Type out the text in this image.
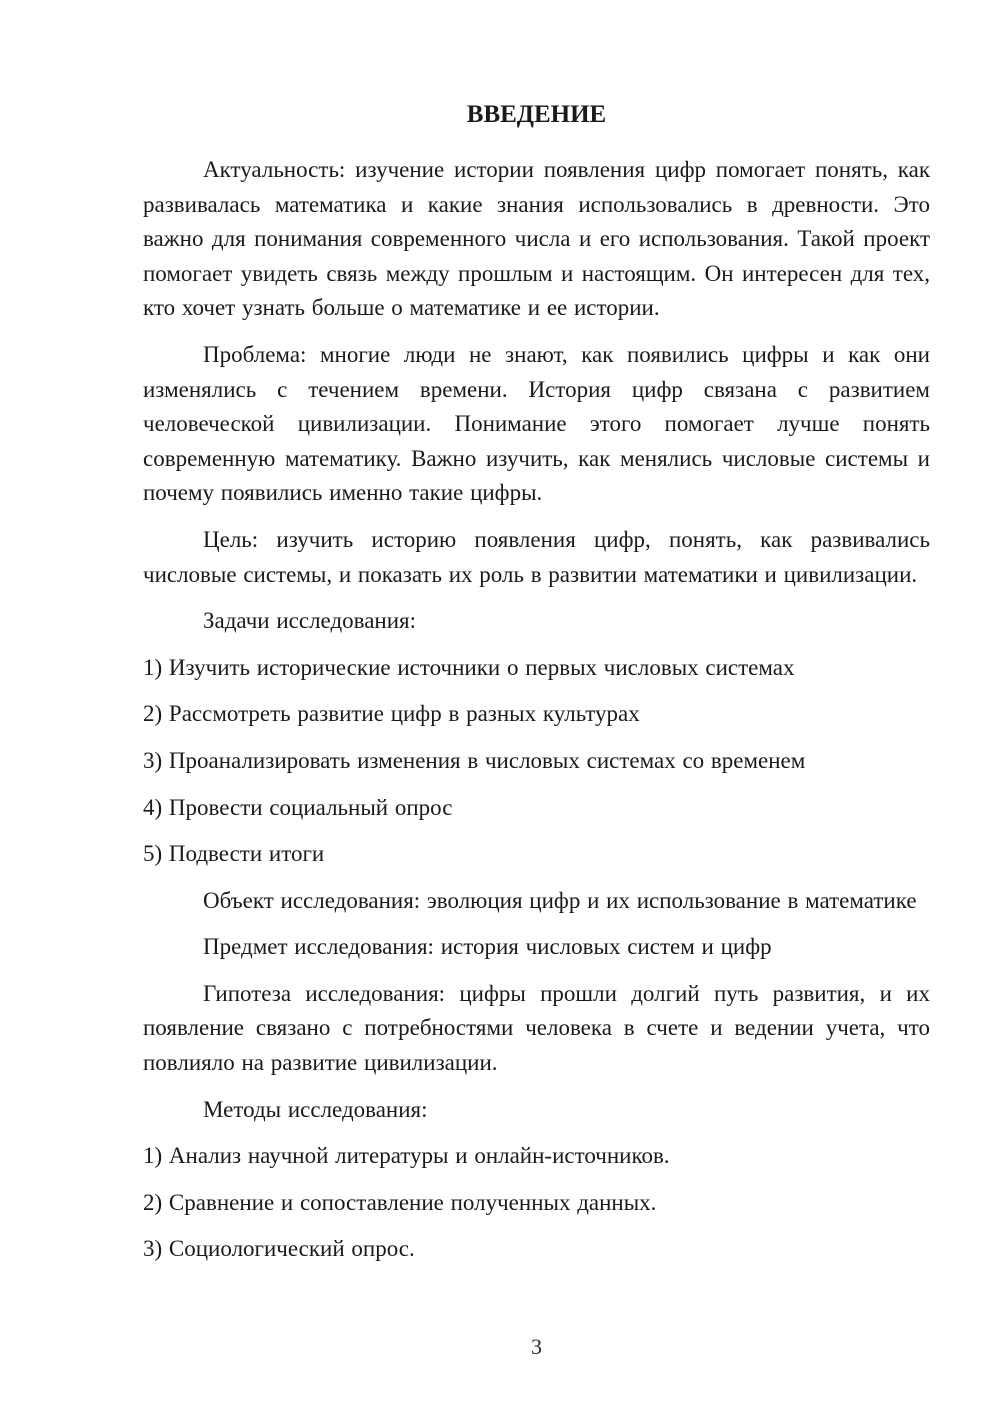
ВВЕДЕНИЕ

Актуальность: изучение истории появления цифр помогает понять, как развивалась математика и какие знания использовались в древности. Это важно для понимания современного числа и его использования. Такой проект помогает увидеть связь между прошлым и настоящим. Он интересен для тех, кто хочет узнать больше о математике и ее истории.

Проблема: многие люди не знают, как появились цифры и как они изменялись с течением времени. История цифр связана с развитием человеческой цивилизации. Понимание этого помогает лучше понять современную математику. Важно изучить, как менялись числовые системы и почему появились именно такие цифры.

Цель: изучить историю появления цифр, понять, как развивались числовые системы, и показать их роль в развитии математики и цивилизации.

Задачи исследования:

1) Изучить исторические источники о первых числовых системах

2) Рассмотреть развитие цифр в разных культурах

3) Проанализировать изменения в числовых системах со временем

4) Провести социальный опрос

5) Подвести итоги

Объект исследования: эволюция цифр и их использование в математике

Предмет исследования: история числовых систем и цифр

Гипотеза исследования: цифры прошли долгий путь развития, и их появление связано с потребностями человека в счете и ведении учета, что повлияло на развитие цивилизации.

Методы исследования:

1) Анализ научной литературы и онлайн-источников.

2) Сравнение и сопоставление полученных данных.

3) Социологический опрос.

3
